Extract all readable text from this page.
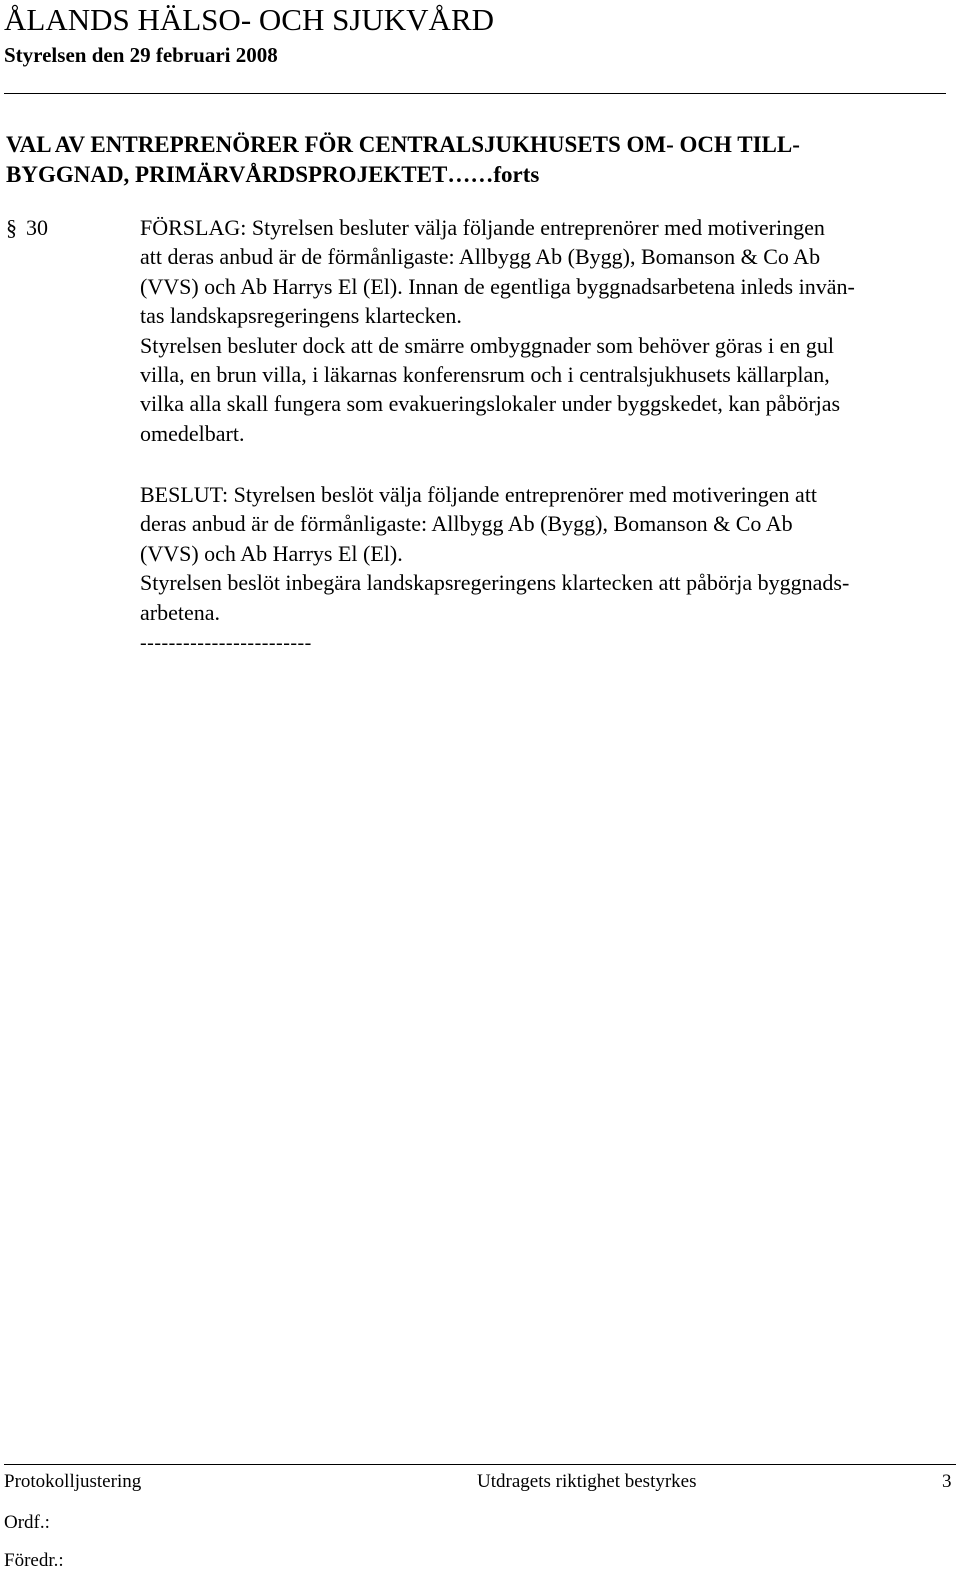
ÅLANDS HÄLSO- OCH SJUKVÅRD
Styrelsen den 29 februari 2008
VAL AV ENTREPRENÖRER FÖR CENTRALSJUKHUSETS OM- OCH TILL-
BYGGNAD, PRIMÄRVÅRDSPROJEKTET……forts
§ 30	FÖRSLAG: Styrelsen besluter välja följande entreprenörer med motiveringen
att deras anbud är de förmånligaste: Allbygg Ab (Bygg), Bomanson & Co Ab
(VVS) och Ab Harrys El (El). Innan de egentliga byggnadsarbetena inleds invän-
tas landskapsregeringens klartecken.
Styrelsen besluter dock att de smärre ombyggnader som behöver göras i en gul
villa, en brun villa, i läkarnas konferensrum och i centralsjukhusets källarplan,
vilka alla skall fungera som evakueringslokaler under byggskedet, kan påbörjas
omedelbart.
BESLUT: Styrelsen beslöt välja följande entreprenörer med motiveringen att
deras anbud är de förmånligaste: Allbygg Ab (Bygg), Bomanson & Co Ab
(VVS) och Ab Harrys El (El).
Styrelsen beslöt inbegära landskapsregeringens klartecken att påbörja byggnads-
arbetena.
------------------------
Protokolljustering	Utdragets riktighet bestyrkes	3
Ordf.:
Föredr.:
